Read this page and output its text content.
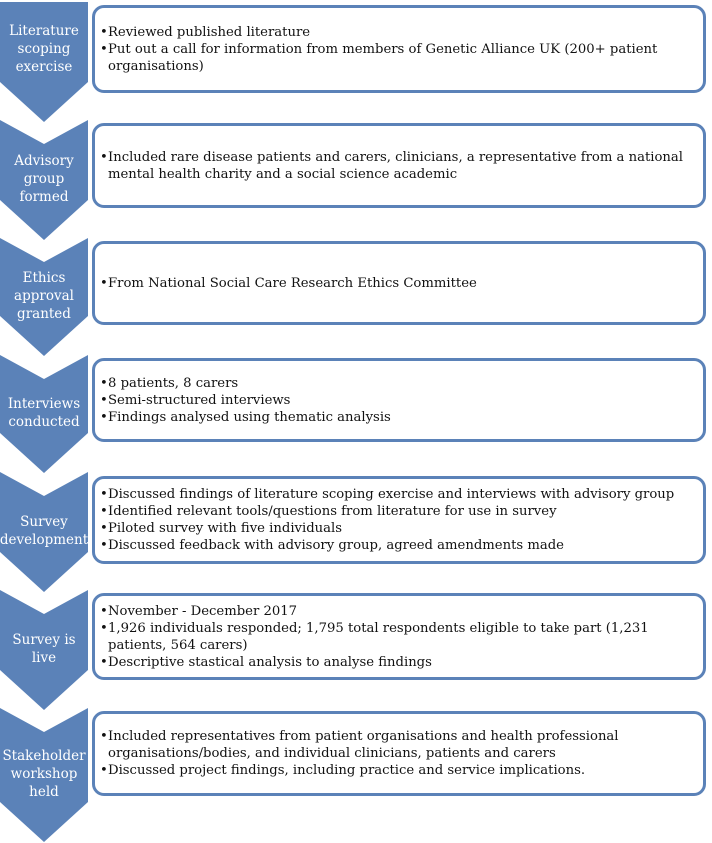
Literature
scoping
exercise
• Reviewed published literature
• Put out a call for information from members of Genetic Alliance UK (200+ patient organisations)
Advisory
group
formed
• Included rare disease patients and carers, clinicians, a representative from a national mental health charity and a social science academic
Ethics
approval
granted
• From National Social Care Research Ethics Committee
Interviews
conducted
• 8 patients, 8 carers
• Semi-structured interviews
• Findings analysed using thematic analysis
Survey
development
• Discussed findings of literature scoping exercise and interviews with advisory group
• Identified relevant tools/questions from literature for use in survey
• Piloted survey with five individuals
• Discussed feedback with advisory group, agreed amendments made
Survey is
live
• November - December 2017
• 1,926 individuals responded; 1,795 total respondents eligible to take part (1,231 patients, 564 carers)
• Descriptive stastical analysis to analyse findings
Stakeholder
workshop
held
• Included representatives from patient organisations and health professional organisations/bodies, and individual clinicians, patients and carers
• Discussed project findings, including practice and service implications.
